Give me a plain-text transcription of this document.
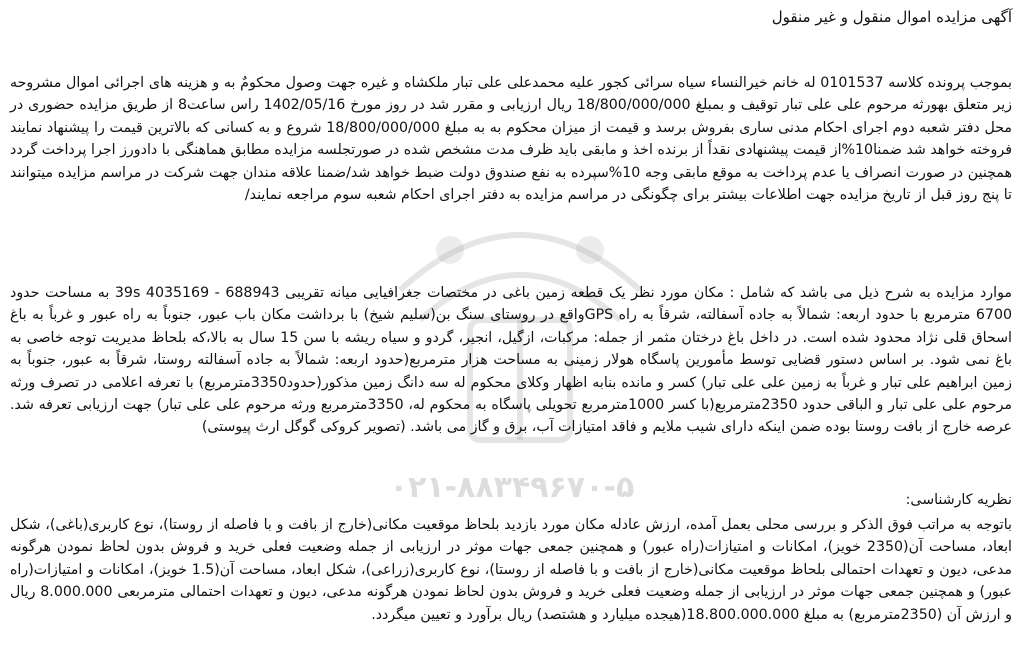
۰۲۱-۸۸۳۴۹۶۷۰-۵
آگهی مزایده اموال منقول و غیر منقول

بموجب پرونده کلاسه 0101537 له خانم خیرالنساء سیاه سرائی کجور علیه محمدعلی علی تبار ملکشاه و غیره جهت وصول محکومٌ به و هزینه های اجرائی اموال مشروحه زیر متعلق بهورثه مرحوم علی علی تبار توقیف و بمبلغ 18/800/000/000 ریال ارزیابی و مقرر شد در روز مورخ 1402/05/16 راس ساعت8 از طریق مزایده حضوری در محل دفتر شعبه دوم اجرای احکام مدنی ساری بفروش برسد و قیمت از میزان محکوم به به مبلغ 18/800/000/000 شروع و به کسانی که بالاترین قیمت را پیشنهاد نمایند فروخته خواهد شد ضمنا10%از قیمت پیشنهادی نقداً از برنده اخذ و مابقی باید ظرف مدت مشخص شده در صورتجلسه مزایده مطابق هماهنگی با دادورز اجرا پرداخت گردد همچنین در صورت انصراف یا عدم پرداخت به موقع مابقی وجه 10%سپرده به نفع صندوق دولت ضبط خواهد شد/ضمنا علاقه مندان جهت شرکت در مراسم مزایده میتوانند تا پنج روز قبل از تاریخ مزایده جهت اطلاعات بیشتر برای چگونگی در مراسم مزایده به دفتر اجرای احکام شعبه سوم مراجعه نمایند/

موارد مزایده به شرح ذیل می باشد که شامل : مکان مورد نظر یک قطعه زمین باغی در مختصات جغرافیایی میانه تقریبی 688943 - 4035169 39s به مساحت حدود 6700 مترمربع با حدود اربعه: شمالاً به جاده آسفالته، شرقاً به راه GPSواقع در روستای سنگ بن(سلیم شیخ) با برداشت مکان باب عبور، جنوباً به راه عبور و غرباً به باغ اسحاق قلی نژاد محدود شده است. در داخل باغ درختان مثمر از جمله: مرکبات، ازگیل، انجیر، گردو و سیاه ریشه با سن 15 سال به بالا،که بلحاظ مدیریت توجه خاصی به باغ نمی شود. بر اساس دستور قضایی توسط مأمورین پاسگاه هولار زمینی به مساحت هزار مترمربع(حدود اربعه: شمالاً به جاده آسفالته روستا، شرقاً به عبور، جنوباً به زمین ابراهیم علی تبار و غرباً به زمین علی علی تبار) کسر و مانده بنابه اظهار وکلای محکوم له سه دانگ زمین مذکور(حدود3350مترمربع) با تعرفه اعلامی در تصرف ورثه مرحوم علی علی تبار و الباقی حدود 2350مترمربع(با کسر 1000مترمربع تحویلی پاسگاه به محکوم له، 3350مترمربع ورثه مرحوم علی علی تبار) جهت ارزیابی تعرفه شد. عرصه خارج از بافت روستا بوده ضمن اینکه دارای شیب ملایم و فاقد امتیازات آب، برق و گاز می باشد. (تصویر کروکی گوگل ارث پیوستی)

نظریه کارشناسی:

باتوجه به مراتب فوق الذکر و بررسی محلی بعمل آمده، ارزش عادله مکان مورد بازدید بلحاظ موقعیت مکانی(خارج از بافت و با فاصله از روستا)، نوع کاربری(باغی)، شکل ابعاد، مساحت آن(2350 خویز)، امکانات و امتیازات(راه عبور) و همچنین جمعی جهات موثر در ارزیابی از جمله وضعیت فعلی خرید و فروش بدون لحاظ نمودن هرگونه مدعی، دیون و تعهدات احتمالی بلحاظ موقعیت مکانی(خارج از بافت و با فاصله از روستا)، نوع کاربری(زراعی)، شکل ابعاد، مساحت آن(1.5 خویز)، امکانات و امتیازات(راه عبور) و همچنین جمعی جهات موثر در ارزیابی از جمله وضعیت فعلی خرید و فروش بدون لحاظ نمودن هرگونه مدعی، دیون و تعهدات احتمالی مترمربعی 8.000.000 ریال و ارزش آن (2350مترمربع) به مبلغ 18.800.000.000(هیجده میلیارد و هشتصد) ریال برآورد و تعیین میگردد.
